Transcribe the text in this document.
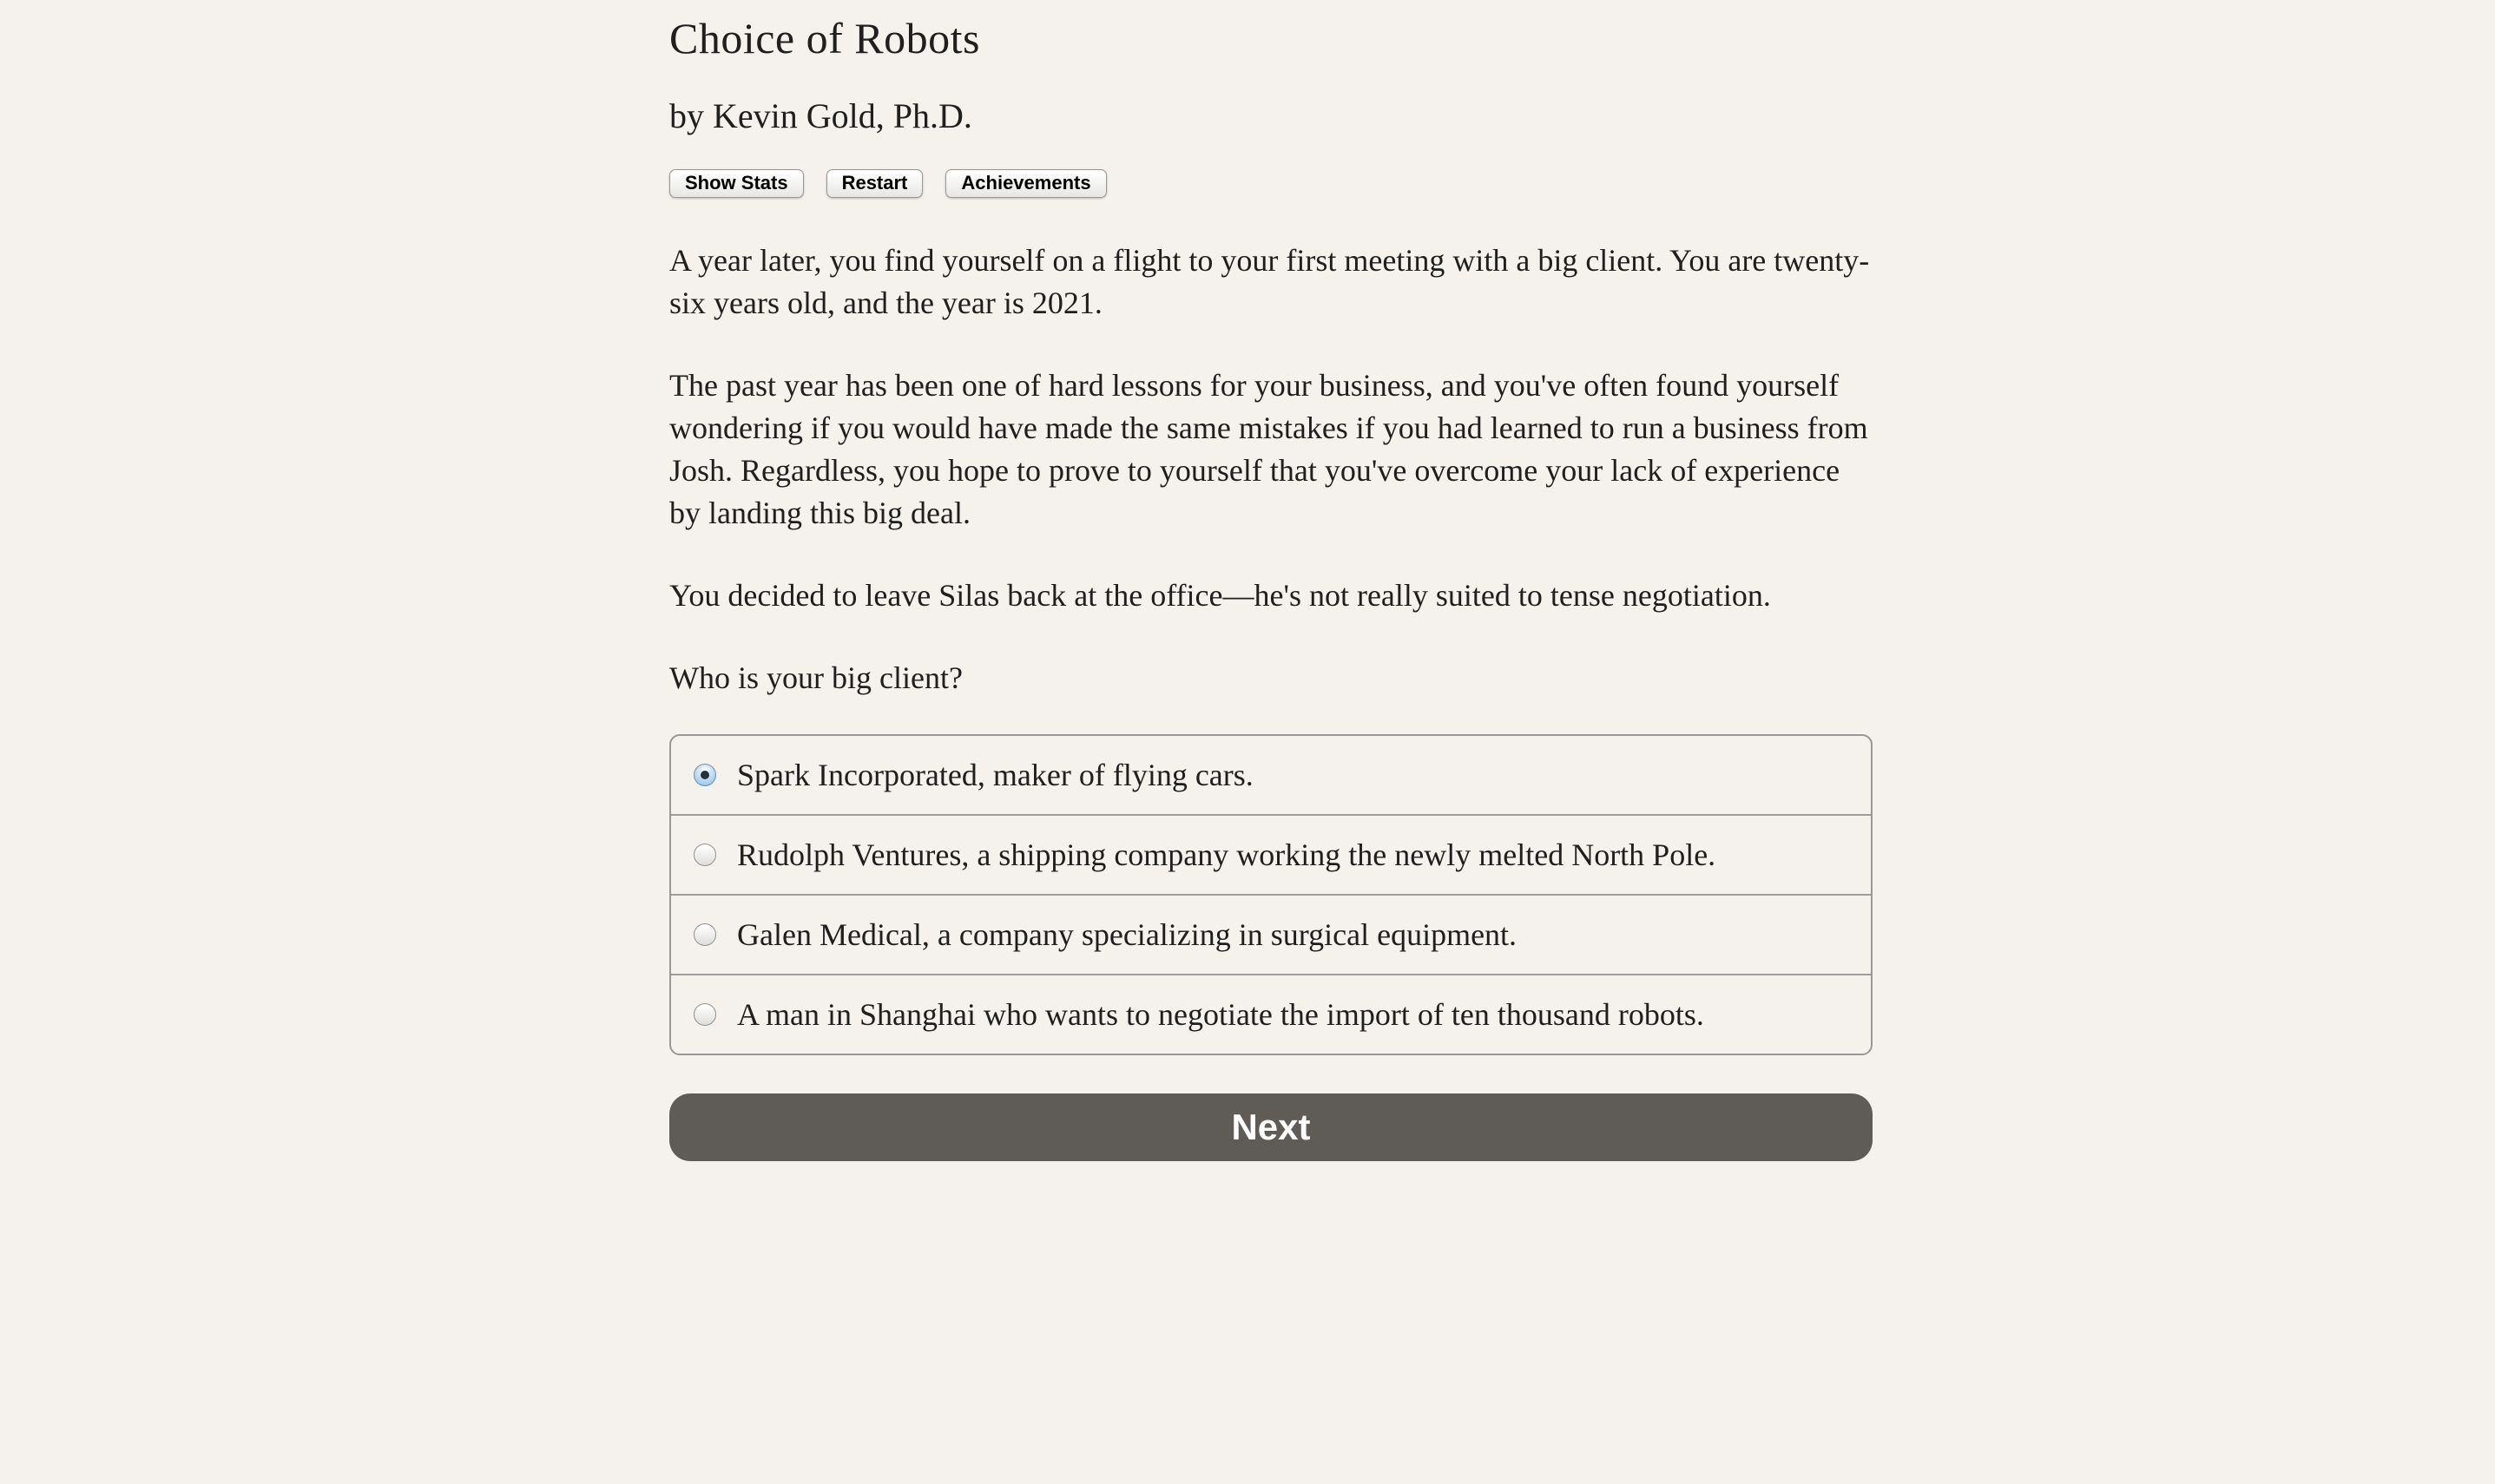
Choice of Robots
by Kevin Gold, Ph.D.
Show Stats	Restart	Achievements

A year later, you find yourself on a flight to your first meeting with a big client. You are twenty-six years old, and the year is 2021.

The past year has been one of hard lessons for your business, and you've often found yourself wondering if you would have made the same mistakes if you had learned to run a business from Josh. Regardless, you hope to prove to yourself that you've overcome your lack of experience by landing this big deal.

You decided to leave Silas back at the office—he's not really suited to tense negotiation.

Who is your big client?

Spark Incorporated, maker of flying cars.
Rudolph Ventures, a shipping company working the newly melted North Pole.
Galen Medical, a company specializing in surgical equipment.
A man in Shanghai who wants to negotiate the import of ten thousand robots.
Next
